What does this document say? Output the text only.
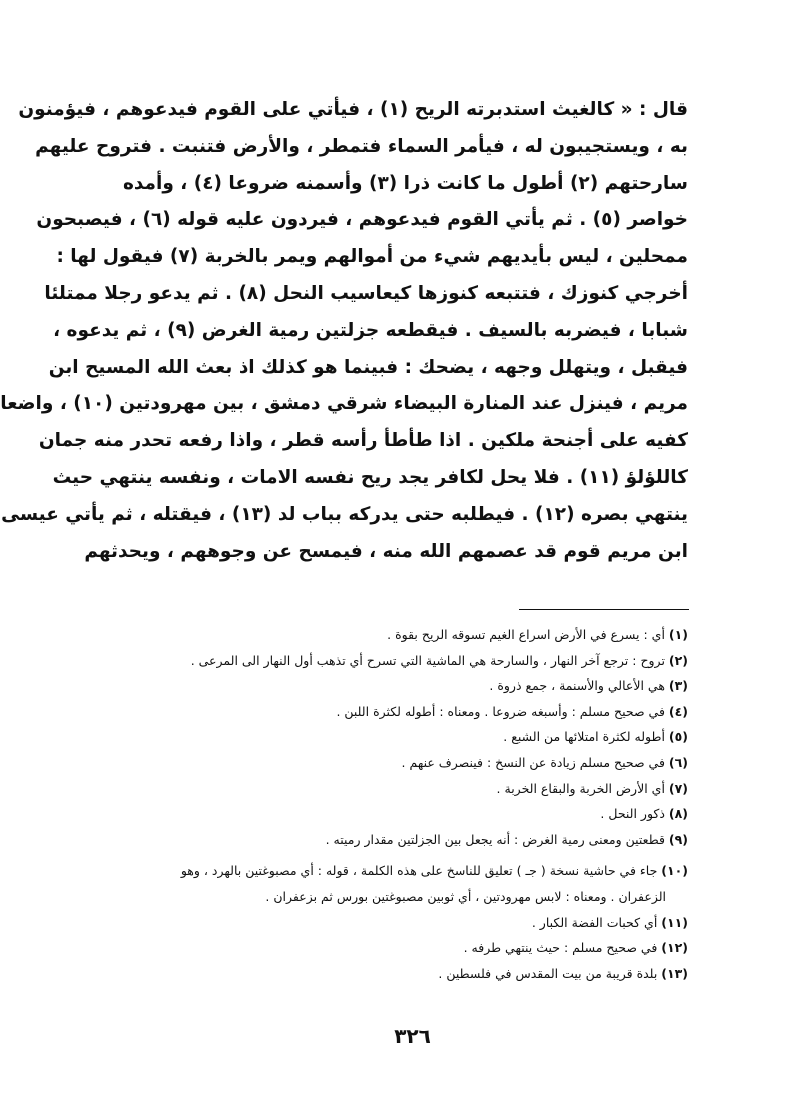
قال : « كالغيث استدبرته الريح (١) ، فيأتي على القوم فيدعوهم ، فيؤمنون
به ، ويستجيبون له ، فيأمر السماء فتمطر ، والأرض فتنبت . فتروح عليهم
سارحتهم (٢) أطول ما كانت ذرا (٣) وأسمنه ضروعا (٤) ، وأمده
خواصر (٥) . ثم يأتي القوم فيدعوهم ، فيردون عليه قوله (٦) ، فيصبحون
ممحلين ، ليس بأيديهم شيء من أموالهم ويمر بالخربة (٧) فيقول لها :
أخرجي كنوزك ، فتتبعه كنوزها كيعاسيب النحل (٨) . ثم يدعو رجلا ممتلئا
شبابا ، فيضربه بالسيف . فيقطعه جزلتين رمية الغرض (٩) ، ثم يدعوه ،
فيقبل ، ويتهلل وجهه ، يضحك : فبينما هو كذلك اذ بعث الله المسيح ابن
مريم ، فينزل عند المنارة البيضاء شرقي دمشق ، بين مهرودتين (١٠) ، واضعا
كفيه على أجنحة ملكين . اذا طأطأ رأسه قطر ، واذا رفعه تحدر منه جمان
كاللؤلؤ (١١) . فلا يحل لكافر يجد ريح نفسه الامات ، ونفسه ينتهي حيث
ينتهي بصره (١٢) . فيطلبه حتى يدركه بباب لد (١٣) ، فيقتله ، ثم يأتي عيسى
ابن مريم قوم قد عصمهم الله منه ، فيمسح عن وجوههم ، ويحدثهم
(١) أي : يسرع في الأرض اسراع الغيم تسوقه الريح بقوة .
(٢) تروح : ترجع آخر النهار ، والسارحة هي الماشية التي تسرح أي تذهب أول النهار الى المرعى .
(٣) هي الأعالي والأسنمة ، جمع ذروة .
(٤) في صحيح مسلم : وأسبغه ضروعا . ومعناه : أطوله لكثرة اللبن .
(٥) أطوله لكثرة امتلائها من الشبع .
(٦) في صحيح مسلم زيادة عن النسخ : فينصرف عنهم .
(٧) أي الأرض الخربة والبقاع الخربة .
(٨) ذكور النحل .
(٩) قطعتين ومعنى رمية الغرض : أنه يجعل بين الجزلتين مقدار رميته .
(١٠) جاء في حاشية نسخة ( جـ ) تعليق للناسخ على هذه الكلمة ، قوله : أي مصبوغتين بالهرد ، وهو
الزعفران . ومعناه : لابس مهرودتين ، أي ثوبين مصبوغتين بورس ثم بزعفران .
(١١) أي كحبات الفضة الكبار .
(١٢) في صحيح مسلم : حيث ينتهي طرفه .
(١٣) بلدة قريبة من بيت المقدس في فلسطين .
٣٢٦
